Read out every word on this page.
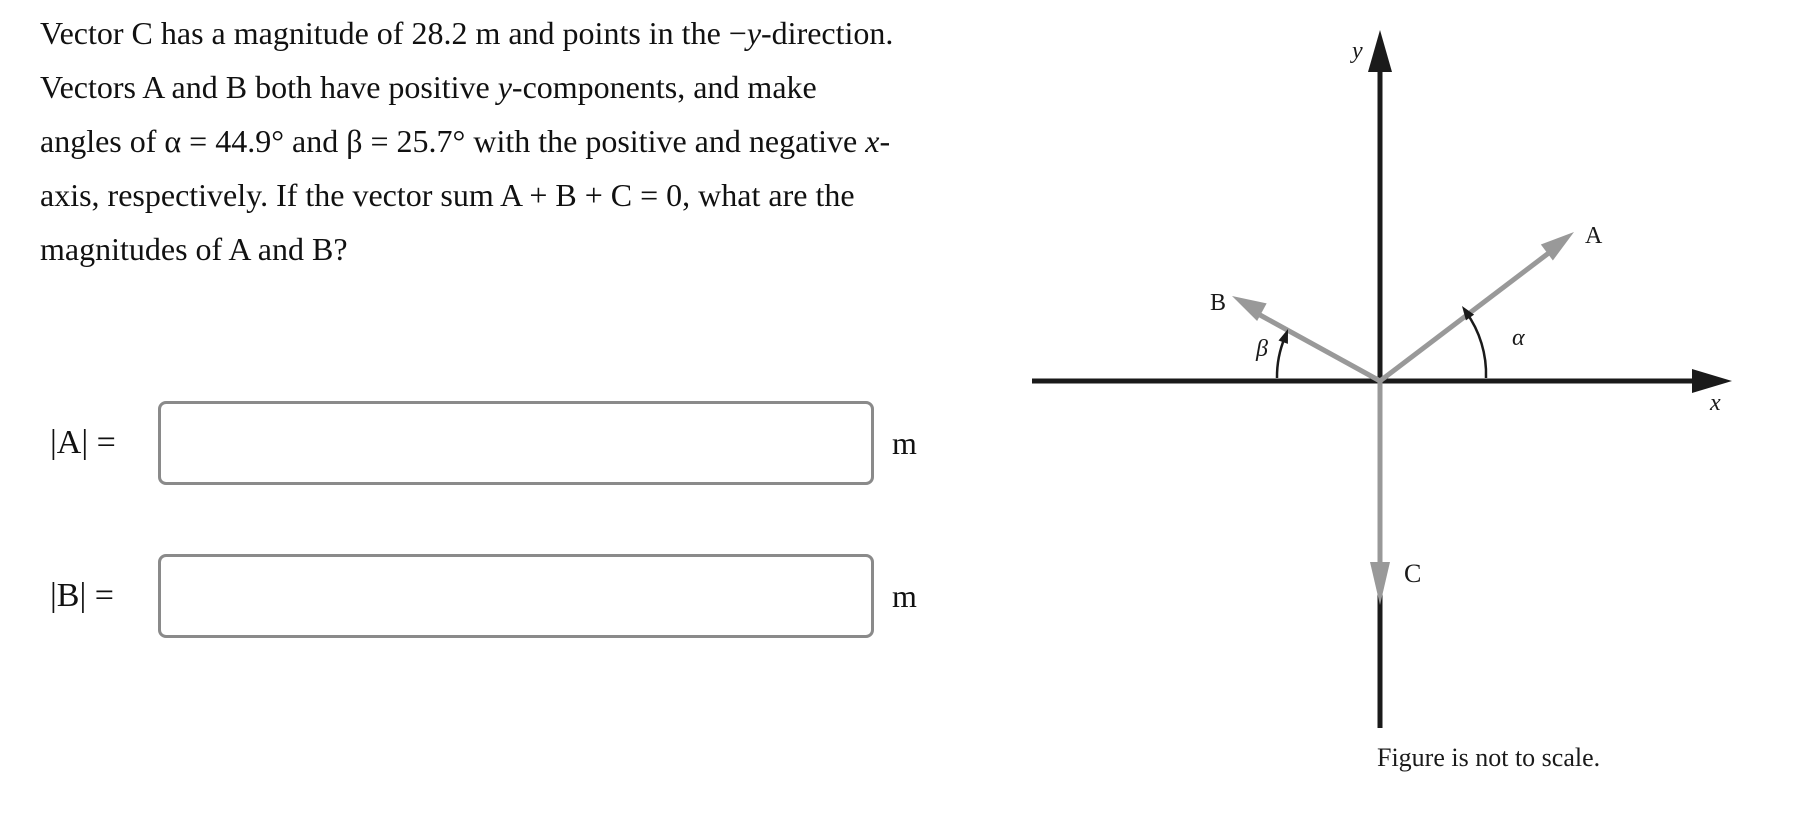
Vector C has a magnitude of 28.2 m and points in the −y-direction. Vectors A and B both have positive y-components, and make angles of α = 44.9° and β = 25.7° with the positive and negative x-axis, respectively. If the vector sum A + B + C = 0, what are the magnitudes of A and B?

|A| =	m
|B| =	m
y
x
A
B
C
α
β
Figure is not to scale.
